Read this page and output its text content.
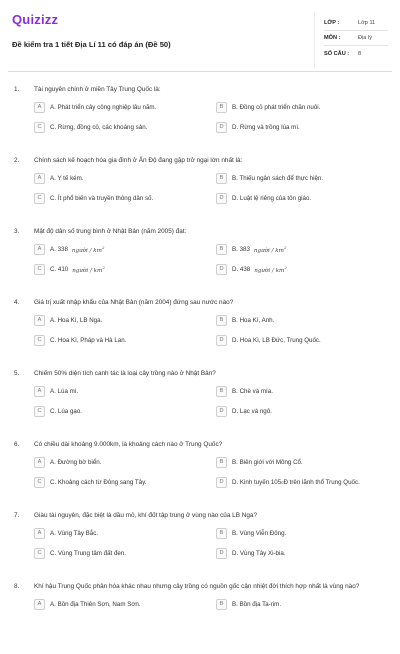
Quizizz
Đề kiểm tra 1 tiết Địa Lí 11 có đáp án (Đề 50)
LỚP :	Lớp 11
MÔN :	Địa lý
SỐ CÂU :	8
1.	Tài nguyên chính ở miền Tây Trung Quốc là:
A	A. Phát triển cây công nghiệp lâu năm.	B	B. Đồng cỏ phát triển chăn nuôi.
C	C. Rừng, đồng cỏ, các khoáng sản.	D	D. Rừng và trồng lúa mì.
2.	Chính sách kế hoạch hóa gia đình ở Ấn Độ đang gặp trở ngại lớn nhất là:
A	A. Y tế kém.	B	B. Thiếu ngân sách để thực hiện.
C	C. Ít phổ biến và truyền thông dân số.	D	D. Luật lệ riêng của tôn giáo.
3.	Mật độ dân số trung bình ở Nhật Bản (năm 2005) đạt:
A	A. 338 người / $km^2$	B	B. 383 người / $km^2$
C	C. 410 người / $km^2$	D	D. 438 người / $km^2$
4.	Giá trị xuất nhập khẩu của Nhật Bản (năm 2004) đứng sau nước nào?
A	A. Hoa Kì, LB Nga.	B	B. Hoa Kì, Anh.
C	C. Hoa Kì, Pháp và Hà Lan.	D	D. Hoa Kì, LB Đức, Trung Quốc.
5.	Chiếm 50% diện tích canh tác là loại cây trồng nào ở Nhật Bản?
A	A. Lúa mì.	B	B. Chè và mía.
C	C. Lúa gạo.	D	D. Lạc và ngô.
6.	Có chiều dài khoảng 9.000km, là khoảng cách nào ở Trung Quốc?
A	A. Đường bờ biển.	B	B. Biên giới với Mông Cổ.
C	C. Khoảng cách từ Đông sang Tây.	D	D. Kinh tuyến 105 0 Đ trên lãnh thổ Trung Quốc.
7.	Giàu tài nguyên, đặc biệt là dầu mỏ, khí đốt tập trung ở vùng nào của LB Nga?
A	A. Vùng Tây Bắc.	B	B. Vùng Viễn Đông.
C	C. Vùng Trung tâm đất đen.	D	D. Vùng Tây Xi-bia.
8.	Khí hậu Trung Quốc phân hóa khác nhau nhưng cây trồng có nguồn gốc cận nhiệt đới thích hợp nhất là vùng nào?
A	A. Bồn địa Thiên Sơn, Nam Sơn.	B	B. Bồn địa Ta-rim.
